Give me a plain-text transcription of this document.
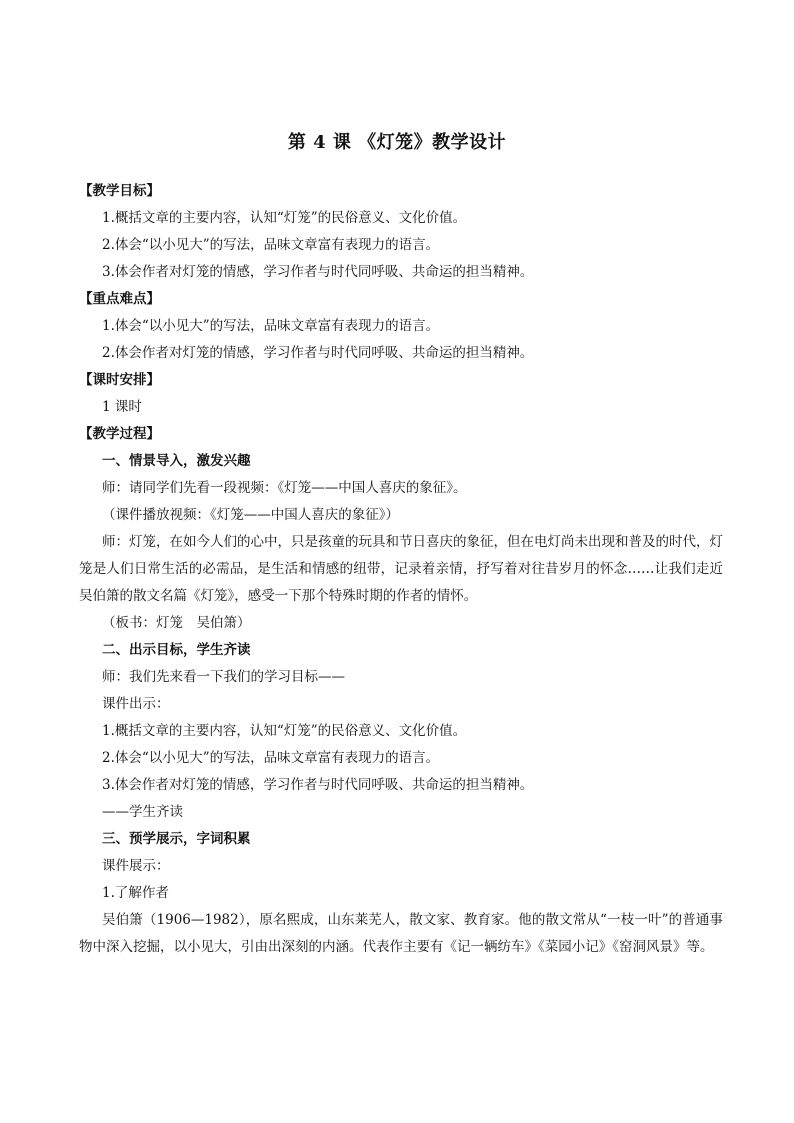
第 4 课 《灯笼》教学设计
【教学目标】
1.概括文章的主要内容，认知“灯笼”的民俗意义、文化价值。
2.体会“以小见大”的写法，品味文章富有表现力的语言。
3.体会作者对灯笼的情感，学习作者与时代同呼吸、共命运的担当精神。
【重点难点】
1.体会“以小见大”的写法，品味文章富有表现力的语言。
2.体会作者对灯笼的情感，学习作者与时代同呼吸、共命运的担当精神。
【课时安排】
1 课时
【教学过程】
一、情景导入，激发兴趣
师：请同学们先看一段视频：《灯笼——中国人喜庆的象征》。
（课件播放视频：《灯笼——中国人喜庆的象征》）
师：灯笼，在如今人们的心中，只是孩童的玩具和节日喜庆的象征，但在电灯尚未出现和普及的时代，灯笼是人们日常生活的必需品，是生活和情感的纽带，记录着亲情，抒写着对往昔岁月的怀念……让我们走近吴伯箫的散文名篇《灯笼》，感受一下那个特殊时期的作者的情怀。
（板书：灯笼　吴伯箫）
二、出示目标，学生齐读
师：我们先来看一下我们的学习目标——
课件出示：
1.概括文章的主要内容，认知“灯笼”的民俗意义、文化价值。
2.体会“以小见大”的写法，品味文章富有表现力的语言。
3.体会作者对灯笼的情感，学习作者与时代同呼吸、共命运的担当精神。
——学生齐读
三、预学展示，字词积累
课件展示：
1.了解作者
吴伯箫（1906—1982），原名熙成，山东莱芜人，散文家、教育家。他的散文常从“一枝一叶”的普通事物中深入挖掘，以小见大，引由出深刻的内涵。代表作主要有《记一辆纺车》《菜园小记》《窑洞风景》等。
